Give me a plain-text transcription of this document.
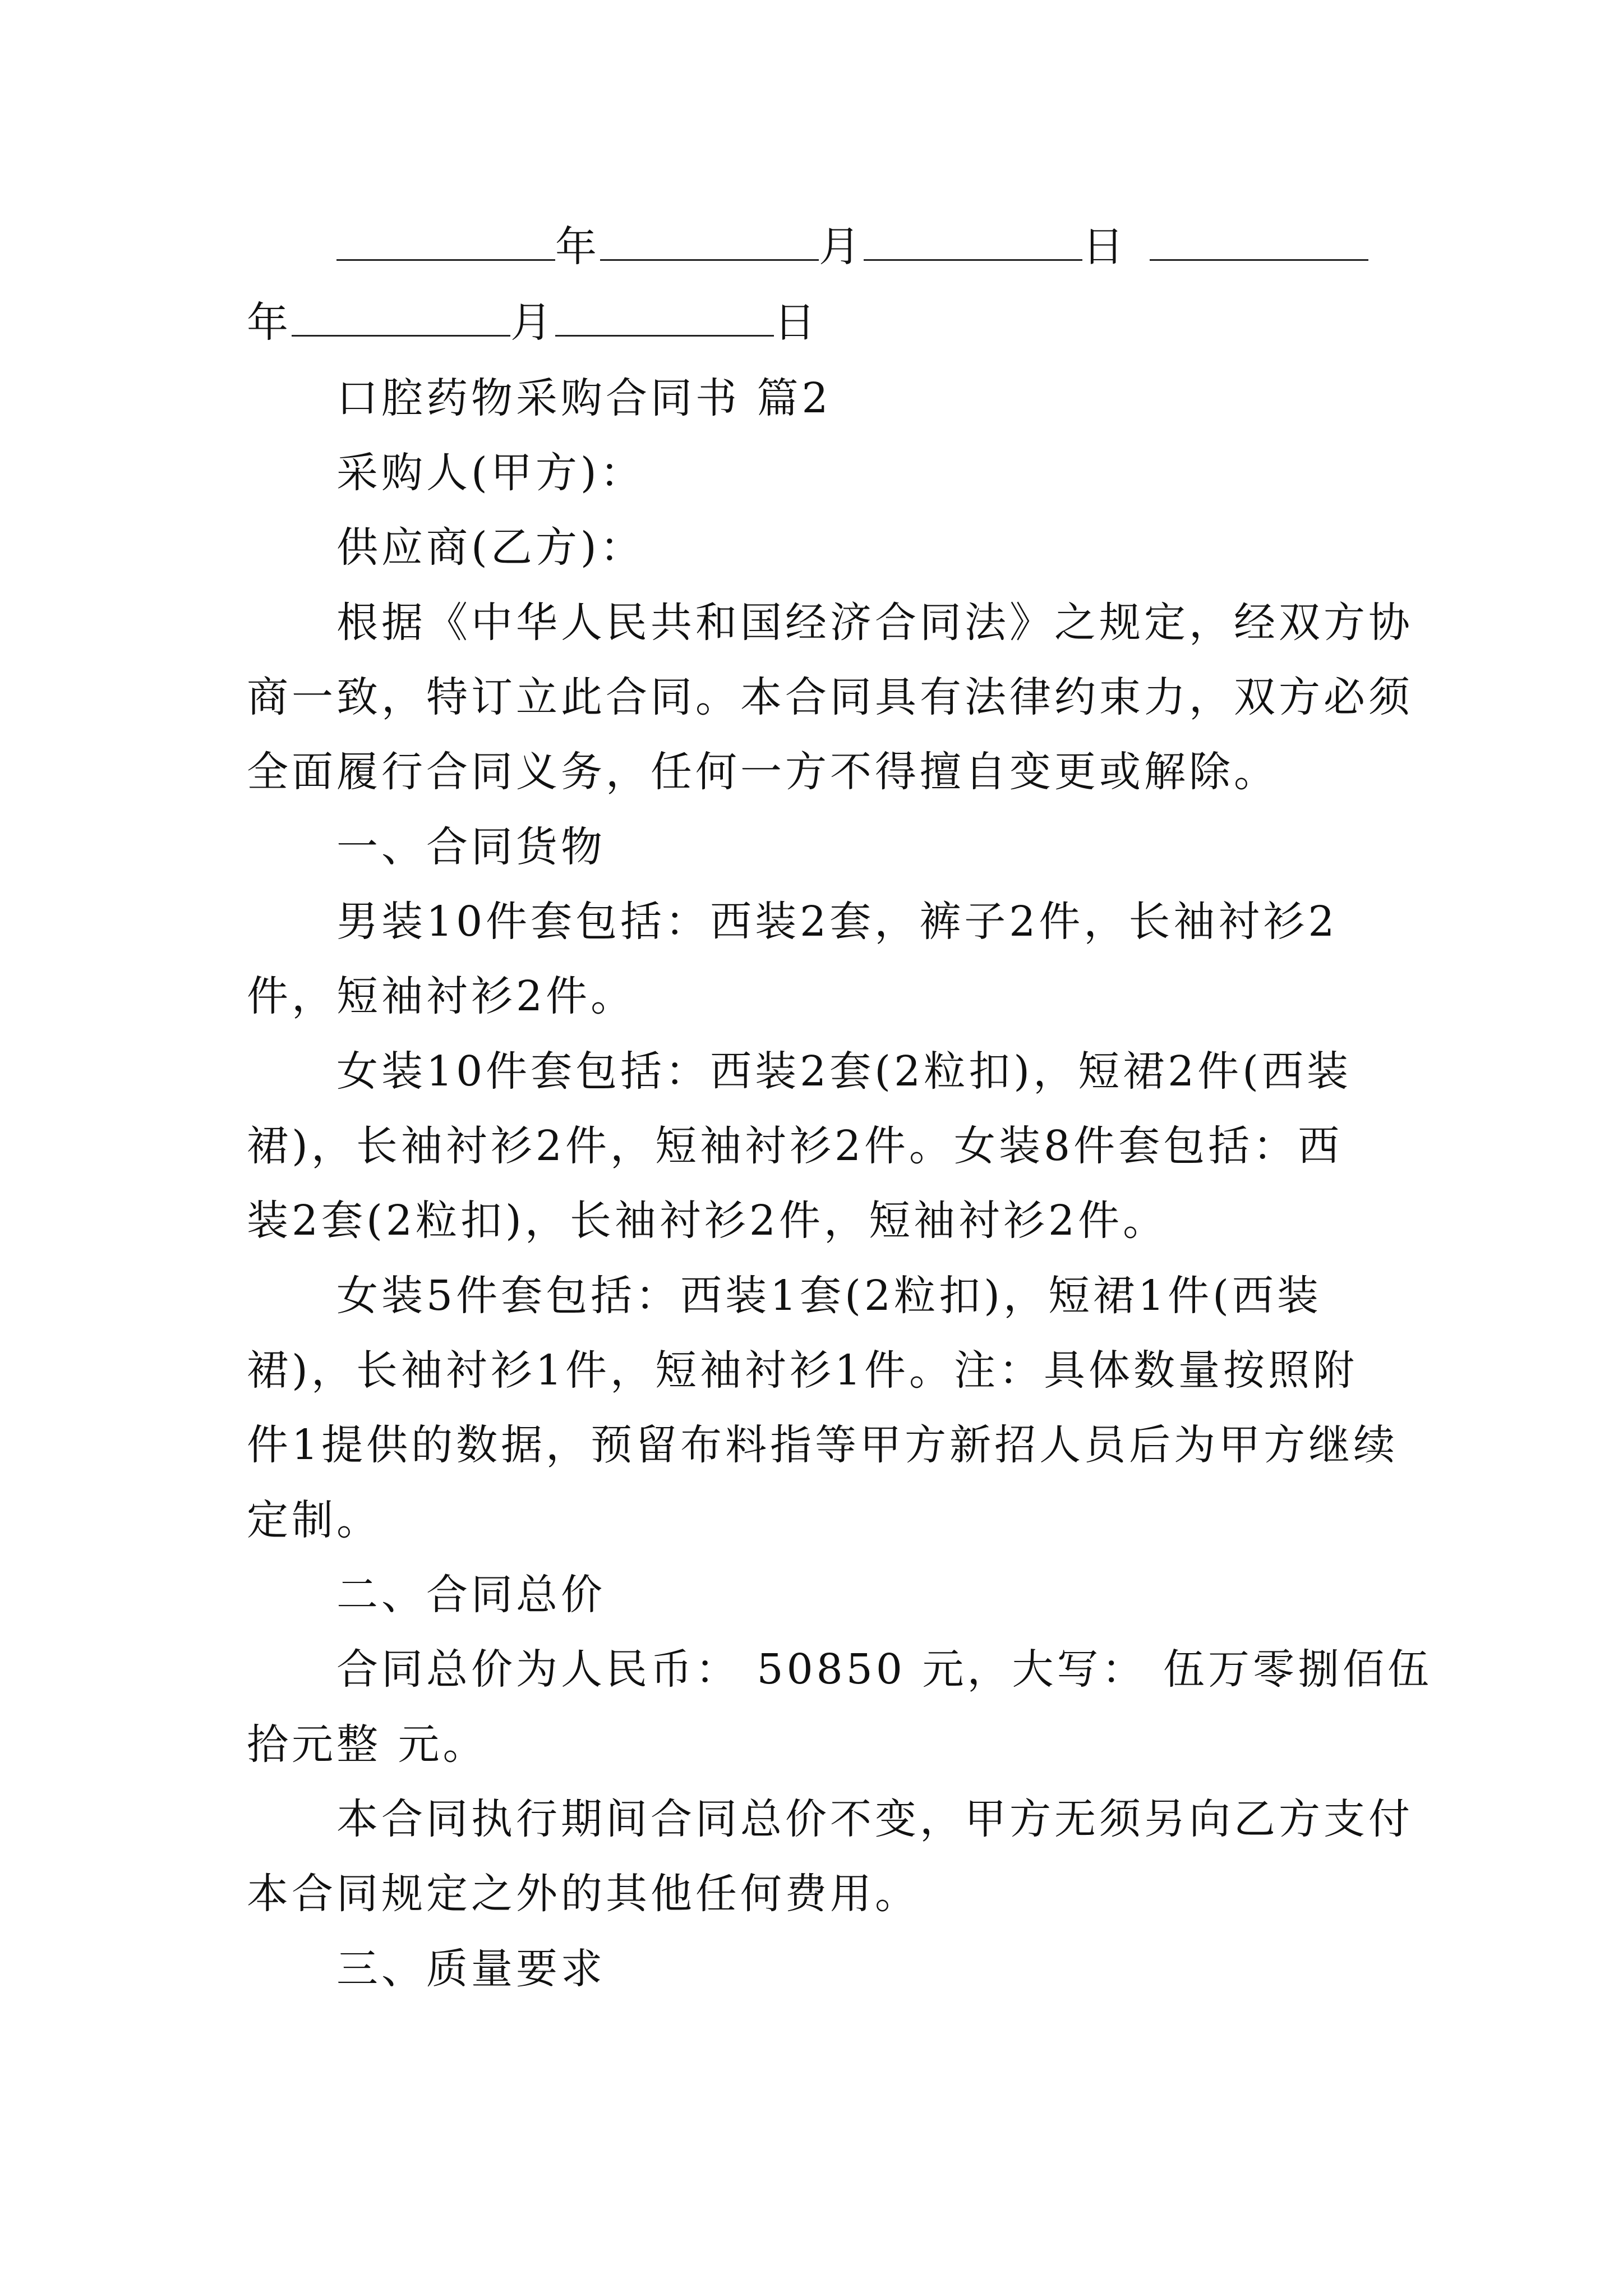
年	月	日
年	月	日
口腔药物采购合同书 篇2
采购人(甲方)：
供应商(乙方)：
根据《中华人民共和国经济合同法》之规定，经双方协
商一致，特订立此合同。本合同具有法律约束力，双方必须
全面履行合同义务，任何一方不得擅自变更或解除。
一、合同货物
男装10件套包括：西装2套，裤子2件，长袖衬衫2
件，短袖衬衫2件。
女装10件套包括：西装2套(2粒扣)，短裙2件(西装
裙)，长袖衬衫2件，短袖衬衫2件。女装8件套包括：西
装2套(2粒扣)，长袖衬衫2件，短袖衬衫2件。
女装5件套包括：西装1套(2粒扣)，短裙1件(西装
裙)，长袖衬衫1件，短袖衬衫1件。注：具体数量按照附
件1提供的数据，预留布料指等甲方新招人员后为甲方继续
定制。
二、合同总价
合同总价为人民币： 50850 元，大写： 伍万零捌佰伍
拾元整 元。
本合同执行期间合同总价不变，甲方无须另向乙方支付
本合同规定之外的其他任何费用。
三、质量要求
